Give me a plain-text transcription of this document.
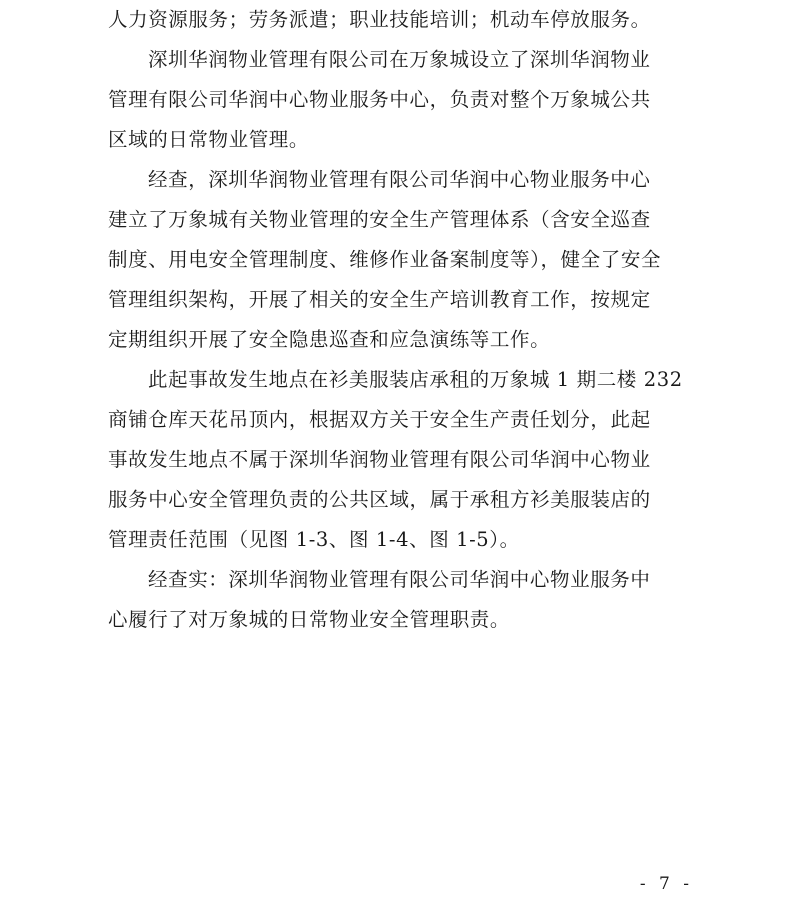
人力资源服务；劳务派遣；职业技能培训；机动车停放服务。
深圳华润物业管理有限公司在万象城设立了深圳华润物业
管理有限公司华润中心物业服务中心，负责对整个万象城公共
区域的日常物业管理。
经查，深圳华润物业管理有限公司华润中心物业服务中心
建立了万象城有关物业管理的安全生产管理体系（含安全巡查
制度、用电安全管理制度、维修作业备案制度等），健全了安全
管理组织架构，开展了相关的安全生产培训教育工作，按规定
定期组织开展了安全隐患巡查和应急演练等工作。
此起事故发生地点在衫美服装店承租的万象城 1 期二楼 232
商铺仓库天花吊顶内，根据双方关于安全生产责任划分，此起
事故发生地点不属于深圳华润物业管理有限公司华润中心物业
服务中心安全管理负责的公共区域，属于承租方衫美服装店的
管理责任范围（见图 1-3、图 1-4、图 1-5）。
经查实：深圳华润物业管理有限公司华润中心物业服务中
心履行了对万象城的日常物业安全管理职责。
- 7 -
